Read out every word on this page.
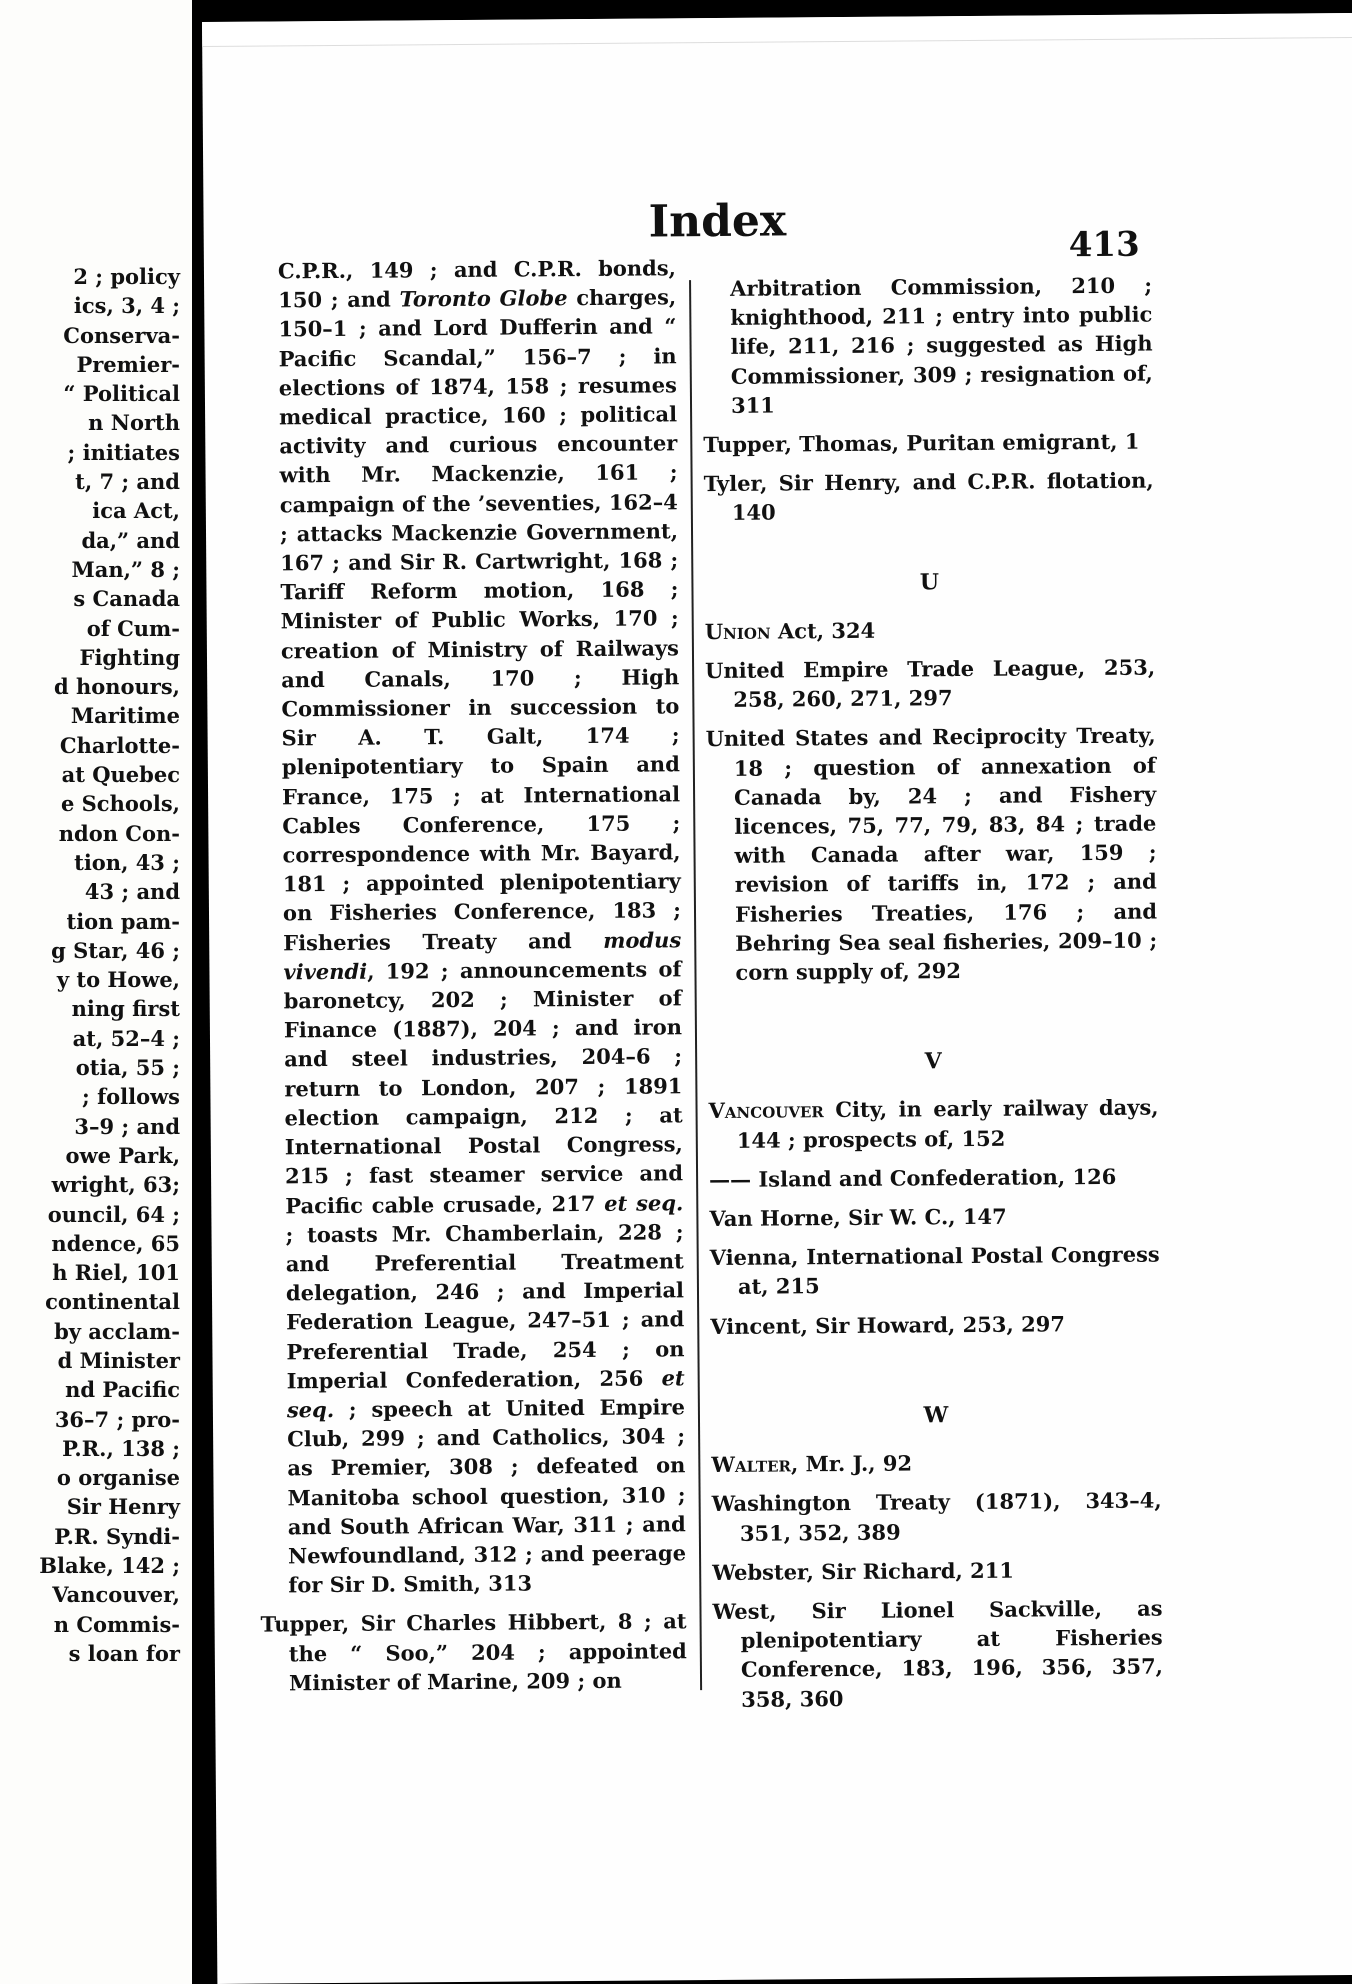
2 ; policy
ics, 3, 4 ;
Conserva-
Premier-
“ Political
n North
; initiates
t, 7 ; and
ica Act,
da,” and
Man,” 8 ;
s Canada
of Cum-
Fighting
d honours,
Maritime
Charlotte-
at Quebec
e Schools,
ndon Con-
tion, 43 ;
43 ; and
tion pam-
g Star, 46 ;
y to Howe,
ning first
at, 52–4 ;
otia, 55 ;
; follows
3–9 ; and
owe Park,
wright, 63;
ouncil, 64 ;
ndence, 65
h Riel, 101
continental
by acclam-
d Minister
nd Pacific
36–7 ; pro-
P.R., 138 ;
o organise
Sir Henry
P.R. Syndi-
Blake, 142 ;
Vancouver,
n Commis-
s loan for
Index	413

C.P.R., 149 ; and C.P.R. bonds, 150 ; and Toronto Globe charges, 150–1 ; and Lord Dufferin and “ Pacific Scandal,” 156–7 ; in elections of 1874, 158 ; resumes medical practice, 160 ; political activity and curious encounter with Mr. Mackenzie, 161 ; campaign of the ’seventies, 162–4 ; attacks Mackenzie Government, 167 ; and Sir R. Cartwright, 168 ; Tariff Reform motion, 168 ; Minister of Public Works, 170 ; creation of Ministry of Railways and Canals, 170 ; High Commissioner in succession to Sir A. T. Galt, 174 ; plenipotentiary to Spain and France, 175 ; at International Cables Conference, 175 ; correspondence with Mr. Bayard, 181 ; appointed plenipotentiary on Fisheries Conference, 183 ; Fisheries Treaty and modus vivendi, 192 ; announcements of baronetcy, 202 ; Minister of Finance (1887), 204 ; and iron and steel industries, 204–6 ; return to London, 207 ; 1891 election campaign, 212 ; at International Postal Congress, 215 ; fast steamer service and Pacific cable crusade, 217 et seq. ; toasts Mr. Chamberlain, 228 ; and Preferential Treatment delegation, 246 ; and Imperial Federation League, 247–51 ; and Preferential Trade, 254 ; on Imperial Confederation, 256 et seq. ; speech at United Empire Club, 299 ; and Catholics, 304 ; as Premier, 308 ; defeated on Manitoba school question, 310 ; and South African War, 311 ; and Newfoundland, 312 ; and peerage for Sir D. Smith, 313

Tupper, Sir Charles Hibbert, 8 ; at the “ Soo,” 204 ; appointed Minister of Marine, 209 ; on

Arbitration Commission, 210 ; knighthood, 211 ; entry into public life, 211, 216 ; suggested as High Commissioner, 309 ; resignation of, 311

Tupper, Thomas, Puritan emigrant, 1

Tyler, Sir Henry, and C.P.R. flotation, 140

U

Union Act, 324

United Empire Trade League, 253, 258, 260, 271, 297

United States and Reciprocity Treaty, 18 ; question of annexation of Canada by, 24 ; and Fishery licences, 75, 77, 79, 83, 84 ; trade with Canada after war, 159 ; revision of tariffs in, 172 ; and Fisheries Treaties, 176 ; and Behring Sea seal fisheries, 209–10 ; corn supply of, 292

V

Vancouver City, in early railway days, 144 ; prospects of, 152

—— Island and Confederation, 126

Van Horne, Sir W. C., 147

Vienna, International Postal Congress at, 215

Vincent, Sir Howard, 253, 297

W

Walter, Mr. J., 92

Washington Treaty (1871), 343–4, 351, 352, 389

Webster, Sir Richard, 211

West, Sir Lionel Sackville, as plenipotentiary at Fisheries Conference, 183, 196, 356, 357, 358, 360
